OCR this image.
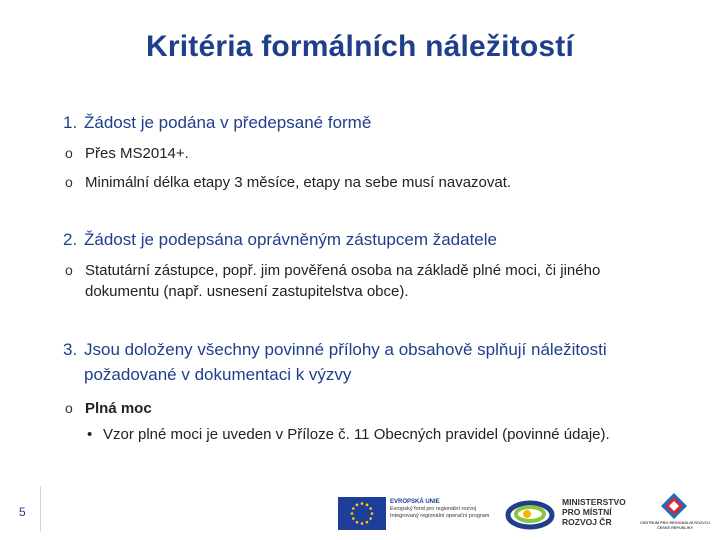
Kritéria formálních náležitostí

1. Žádost je podána v předepsané formě

o Přes MS2014+.
o Minimální délka etapy 3 měsíce, etapy na sebe musí navazovat.

2. Žádost je podepsána oprávněným zástupcem žadatele

o Statutární zástupce, popř. jim pověřená osoba na základě plné moci, či jiného dokumentu (např. usnesení zastupitelstva obce).

3. Jsou doloženy všechny povinné přílohy a obsahově splňují náležitosti požadované v dokumentaci k výzvy

o Plná moc
• Vzor plné moci je uveden v Příloze č. 11 Obecných pravidel (povinné údaje).
5
EVROPSKÁ UNIE
Evropský fond pro regionální rozvoj
Integrovaný regionální operační program
MINISTERSTVO
PRO MÍSTNÍ
ROZVOJ ČR	CENTRUM PRO REGIONÁLNÍ ROZVOJ
ČESKÉ REPUBLIKY
